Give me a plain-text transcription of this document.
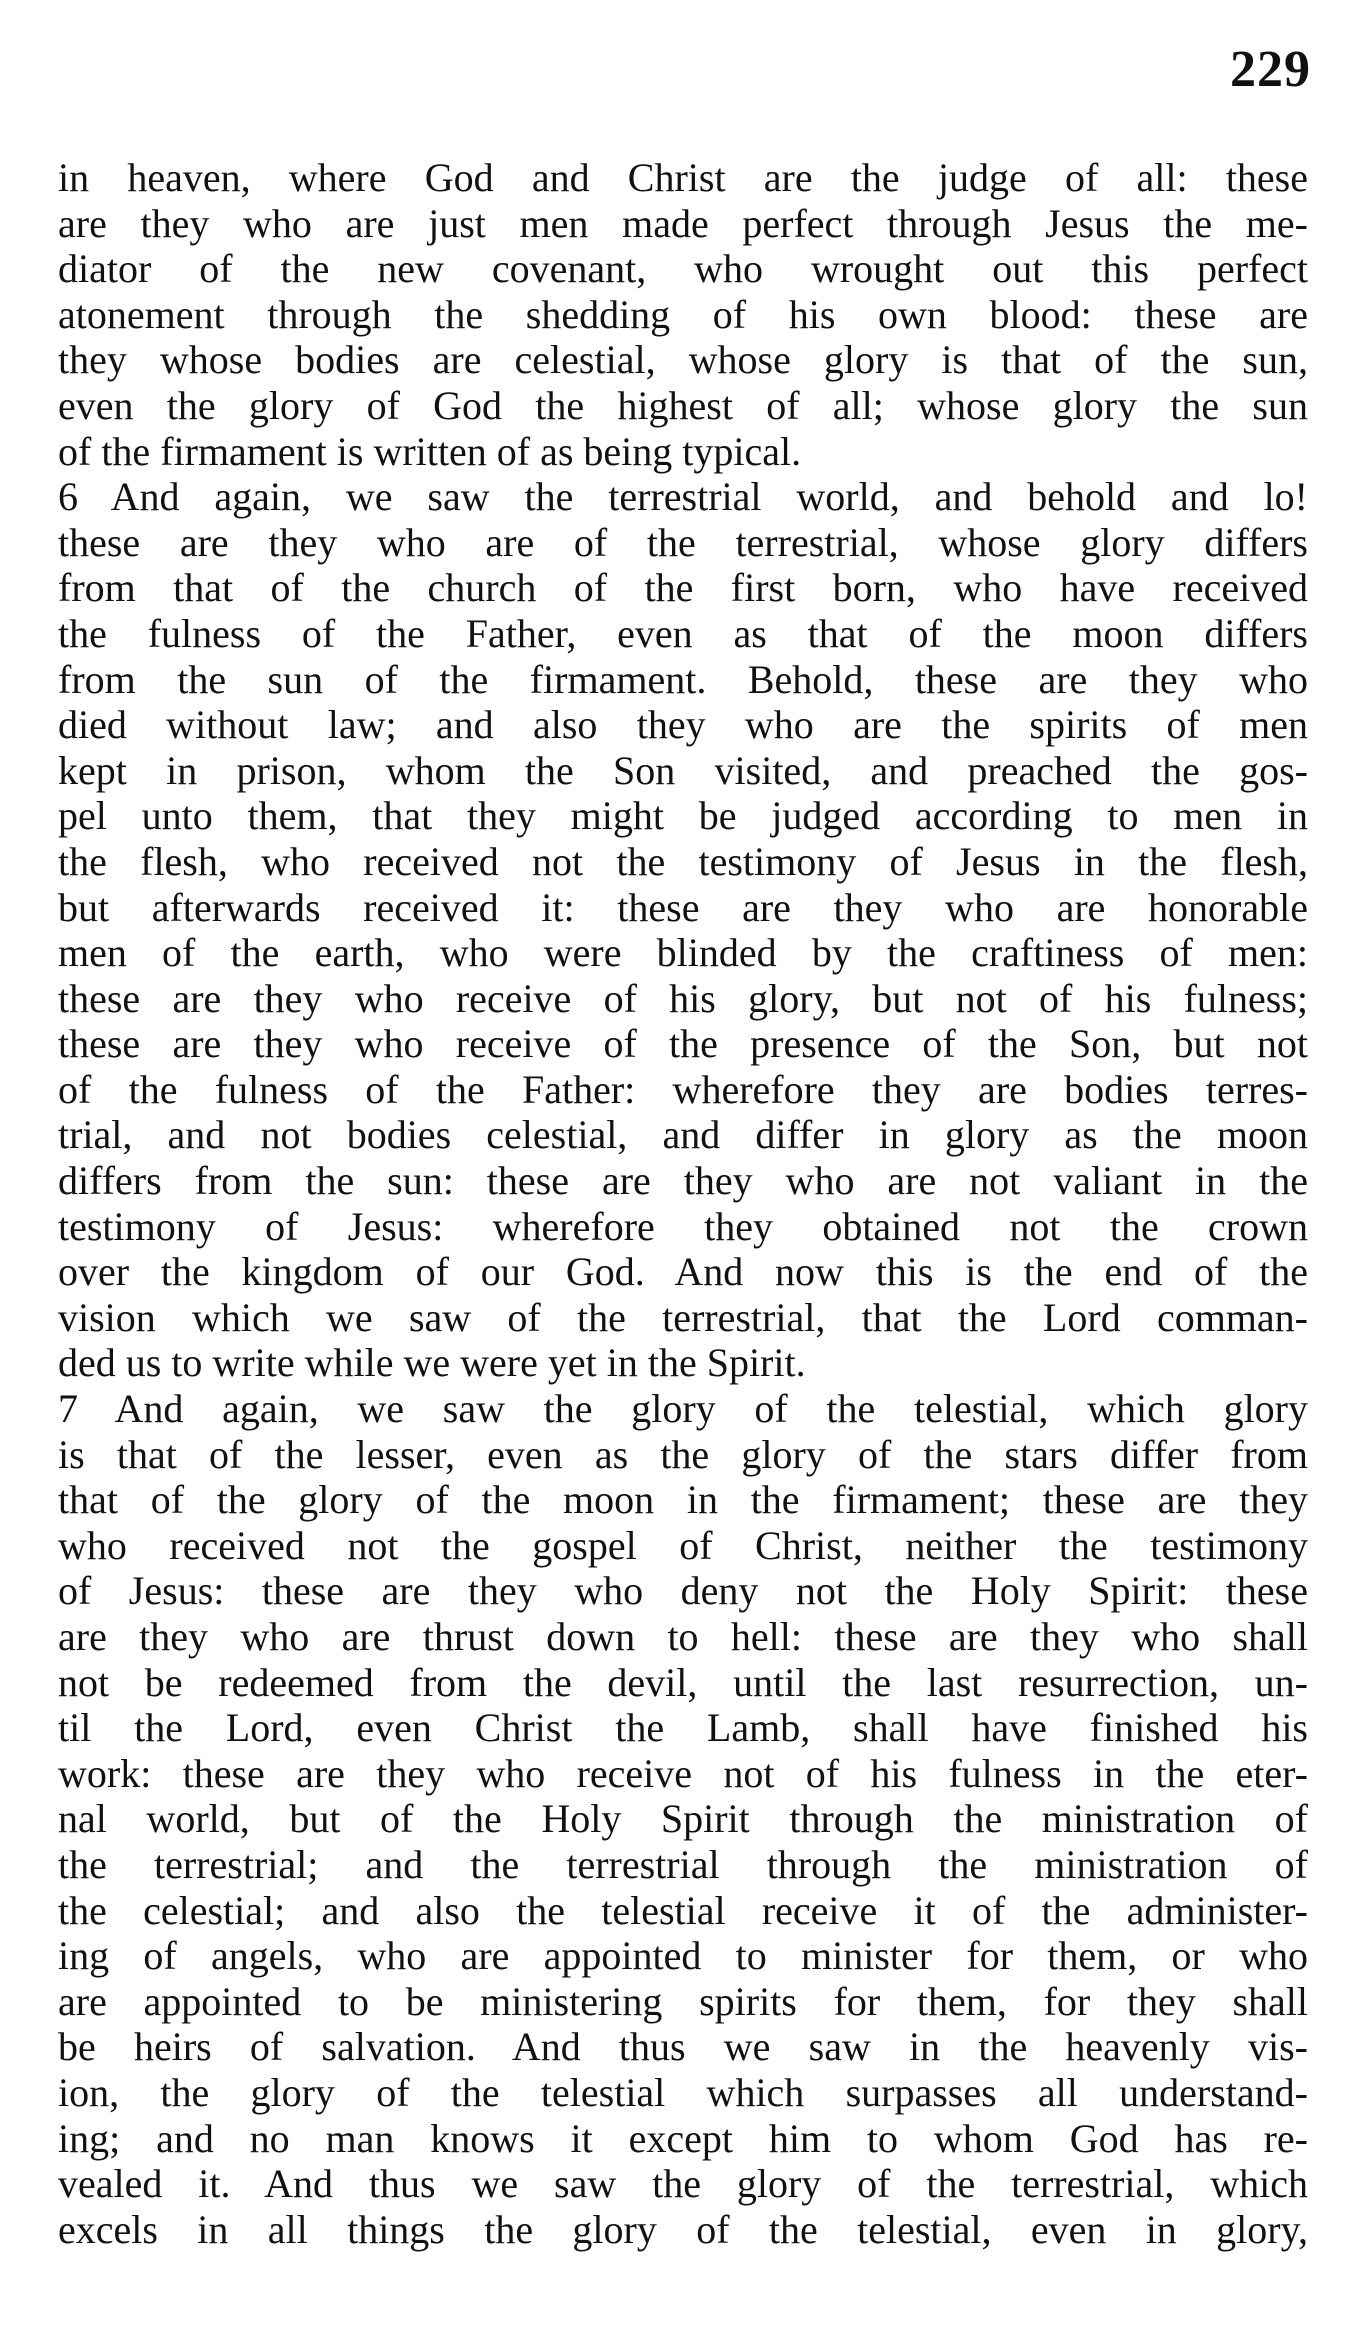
229
in heaven, where God and Christ are the judge of all: these
are they who are just men made perfect through Jesus the me-
diator of the new covenant, who wrought out this perfect
atonement through the shedding of his own blood: these are
they whose bodies are celestial, whose glory is that of the sun,
even the glory of God the highest of all; whose glory the sun
of the firmament is written of as being typical.
6 And again, we saw the terrestrial world, and behold and lo!
these are they who are of the terrestrial, whose glory differs
from that of the church of the first born, who have received
the fulness of the Father, even as that of the moon differs
from the sun of the firmament. Behold, these are they who
died without law; and also they who are the spirits of men
kept in prison, whom the Son visited, and preached the gos-
pel unto them, that they might be judged according to men in
the flesh, who received not the testimony of Jesus in the flesh,
but afterwards received it: these are they who are honorable
men of the earth, who were blinded by the craftiness of men:
these are they who receive of his glory, but not of his fulness;
these are they who receive of the presence of the Son, but not
of the fulness of the Father: wherefore they are bodies terres-
trial, and not bodies celestial, and differ in glory as the moon
differs from the sun: these are they who are not valiant in the
testimony of Jesus: wherefore they obtained not the crown
over the kingdom of our God. And now this is the end of the
vision which we saw of the terrestrial, that the Lord comman-
ded us to write while we were yet in the Spirit.
7 And again, we saw the glory of the telestial, which glory
is that of the lesser, even as the glory of the stars differ from
that of the glory of the moon in the firmament; these are they
who received not the gospel of Christ, neither the testimony
of Jesus: these are they who deny not the Holy Spirit: these
are they who are thrust down to hell: these are they who shall
not be redeemed from the devil, until the last resurrection, un-
til the Lord, even Christ the Lamb, shall have finished his
work: these are they who receive not of his fulness in the eter-
nal world, but of the Holy Spirit through the ministration of
the terrestrial; and the terrestrial through the ministration of
the celestial; and also the telestial receive it of the administer-
ing of angels, who are appointed to minister for them, or who
are appointed to be ministering spirits for them, for they shall
be heirs of salvation. And thus we saw in the heavenly vis-
ion, the glory of the telestial which surpasses all understand-
ing; and no man knows it except him to whom God has re-
vealed it. And thus we saw the glory of the terrestrial, which
excels in all things the glory of the telestial, even in glory,
